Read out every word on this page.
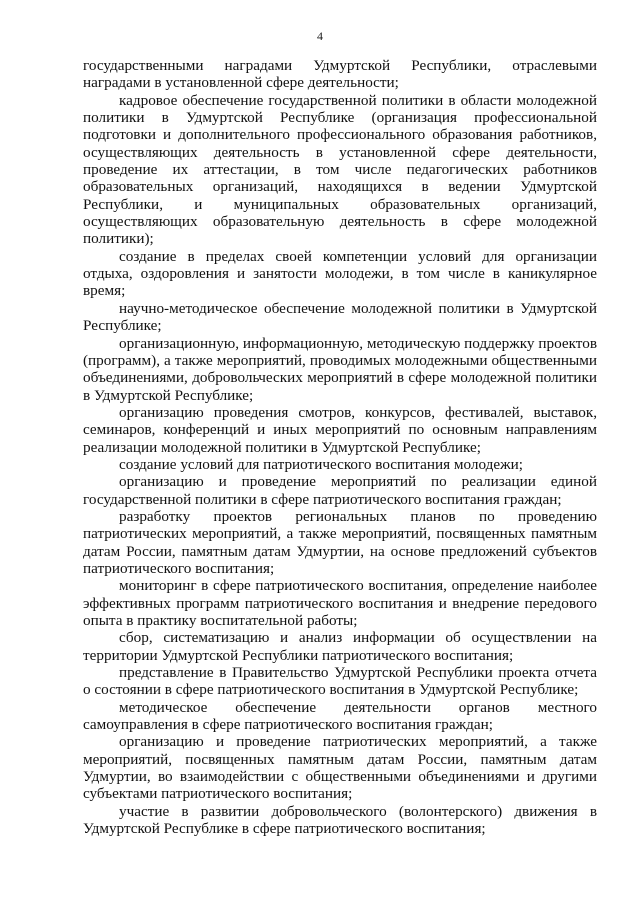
4

государственными наградами Удмуртской Республики, отраслевыми наградами в установленной сфере деятельности;

кадровое обеспечение государственной политики в области молодежной политики в Удмуртской Республике (организация профессиональной подготовки и дополнительного профессионального образования работников, осуществляющих деятельность в установленной сфере деятельности, проведение их аттестации, в том числе педагогических работников образовательных организаций, находящихся в ведении Удмуртской Республики, и муниципальных образовательных организаций, осуществляющих образовательную деятельность в сфере молодежной политики);

создание в пределах своей компетенции условий для организации отдыха, оздоровления и занятости молодежи, в том числе в каникулярное время;

научно-методическое обеспечение молодежной политики в Удмуртской Республике;

организационную, информационную, методическую поддержку проектов (программ), а также мероприятий, проводимых молодежными общественными объединениями, добровольческих мероприятий в сфере молодежной политики в Удмуртской Республике;

организацию проведения смотров, конкурсов, фестивалей, выставок, семинаров, конференций и иных мероприятий по основным направлениям реализации молодежной политики в Удмуртской Республике;

создание условий для патриотического воспитания молодежи;

организацию и проведение мероприятий по реализации единой государственной политики в сфере патриотического воспитания граждан;

разработку проектов региональных планов по проведению патриотических мероприятий, а также мероприятий, посвященных памятным датам России, памятным датам Удмуртии, на основе предложений субъектов патриотического воспитания;

мониторинг в сфере патриотического воспитания, определение наиболее эффективных программ патриотического воспитания и внедрение передового опыта в практику воспитательной работы;

сбор, систематизацию и анализ информации об осуществлении на территории Удмуртской Республики патриотического воспитания;

представление в Правительство Удмуртской Республики проекта отчета о состоянии в сфере патриотического воспитания в Удмуртской Республике;

методическое обеспечение деятельности органов местного самоуправления в сфере патриотического воспитания граждан;

организацию и проведение патриотических мероприятий, а также мероприятий, посвященных памятным датам России, памятным датам Удмуртии, во взаимодействии с общественными объединениями и другими субъектами патриотического воспитания;

участие в развитии добровольческого (волонтерского) движения в Удмуртской Республике в сфере патриотического воспитания;
